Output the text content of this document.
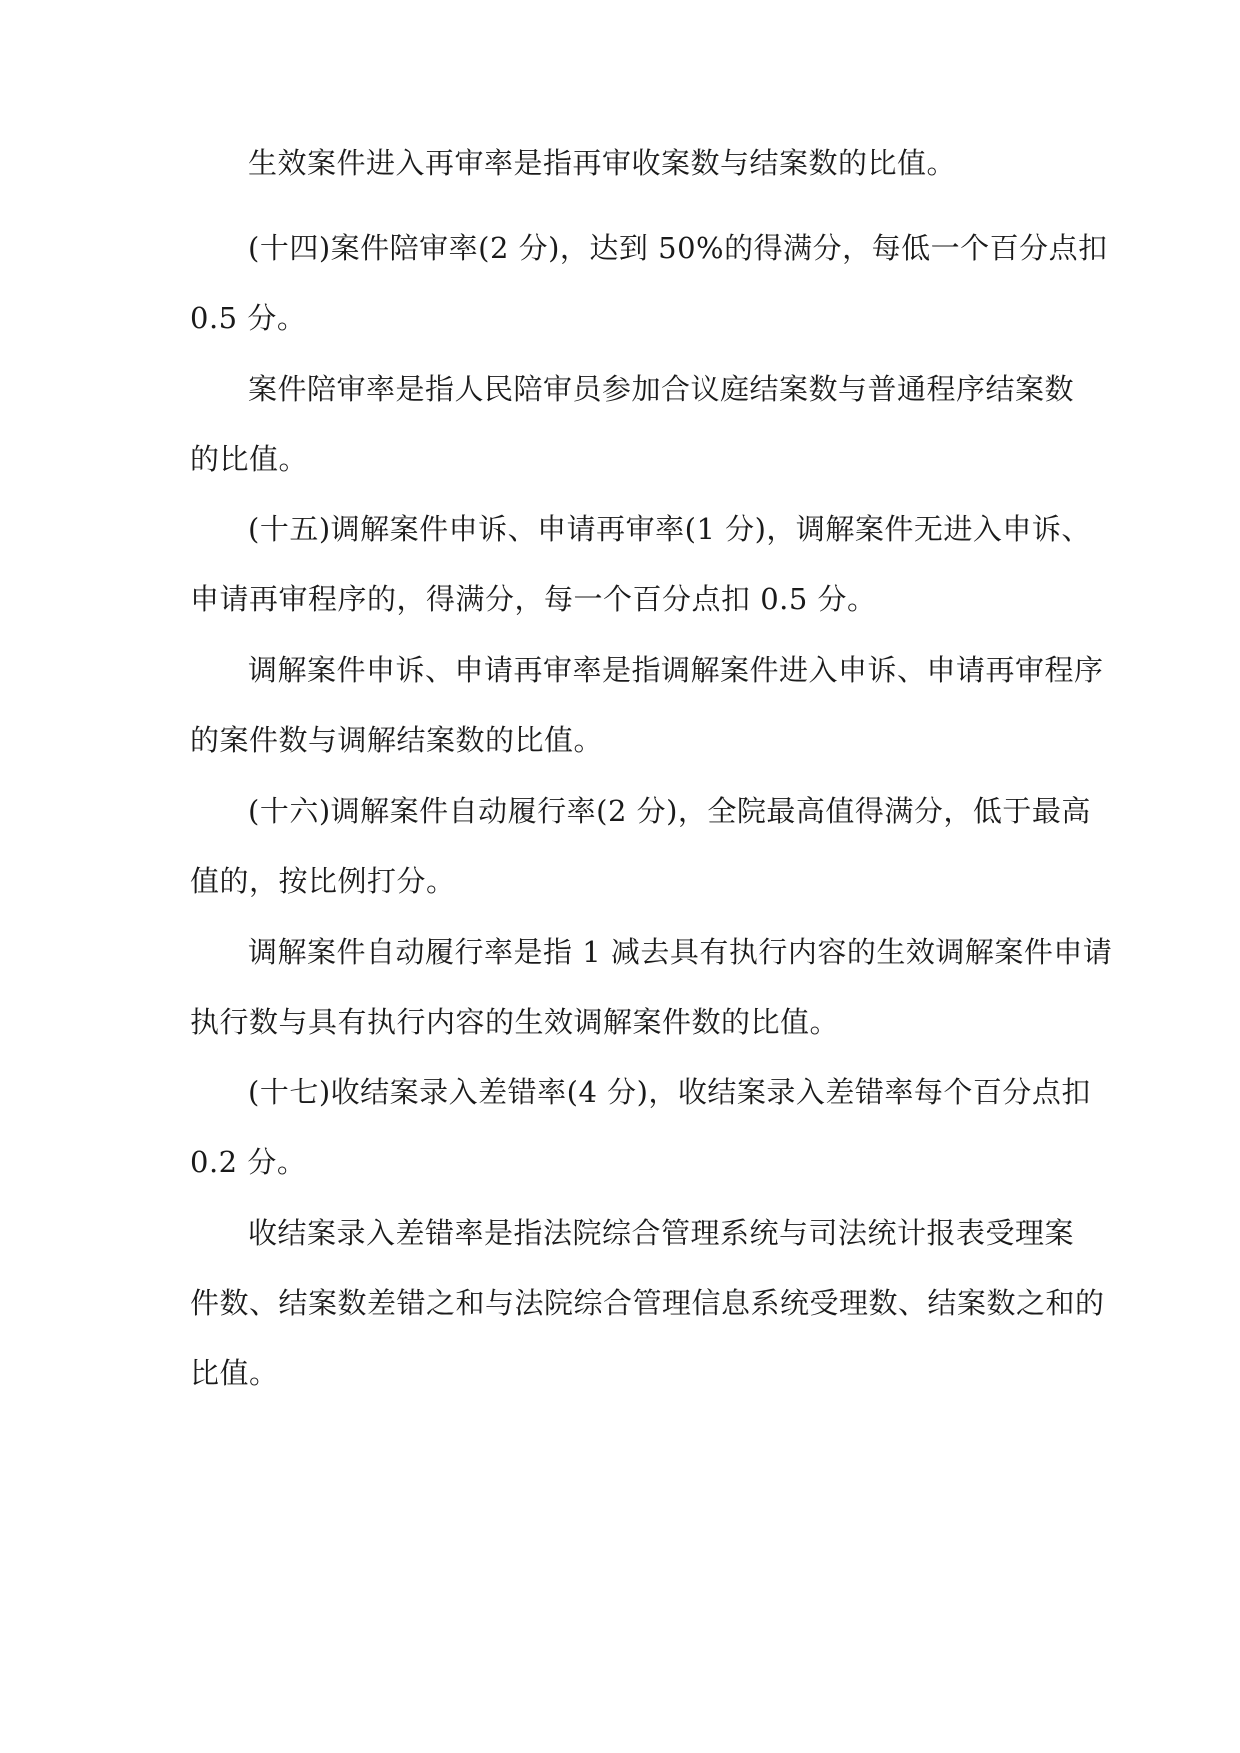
生效案件进入再审率是指再审收案数与结案数的比值。

(十四)案件陪审率(2 分)，达到 50%的得满分，每低一个百分点扣
0.5 分。

案件陪审率是指人民陪审员参加合议庭结案数与普通程序结案数
的比值。

(十五)调解案件申诉、申请再审率(1 分)，调解案件无进入申诉、
申请再审程序的，得满分，每一个百分点扣 0.5 分。

调解案件申诉、申请再审率是指调解案件进入申诉、申请再审程序
的案件数与调解结案数的比值。

(十六)调解案件自动履行率(2 分)，全院最高值得满分，低于最高
值的，按比例打分。

调解案件自动履行率是指 1 减去具有执行内容的生效调解案件申请
执行数与具有执行内容的生效调解案件数的比值。

(十七)收结案录入差错率(4 分)，收结案录入差错率每个百分点扣
0.2 分。

收结案录入差错率是指法院综合管理系统与司法统计报表受理案
件数、结案数差错之和与法院综合管理信息系统受理数、结案数之和的
比值。
